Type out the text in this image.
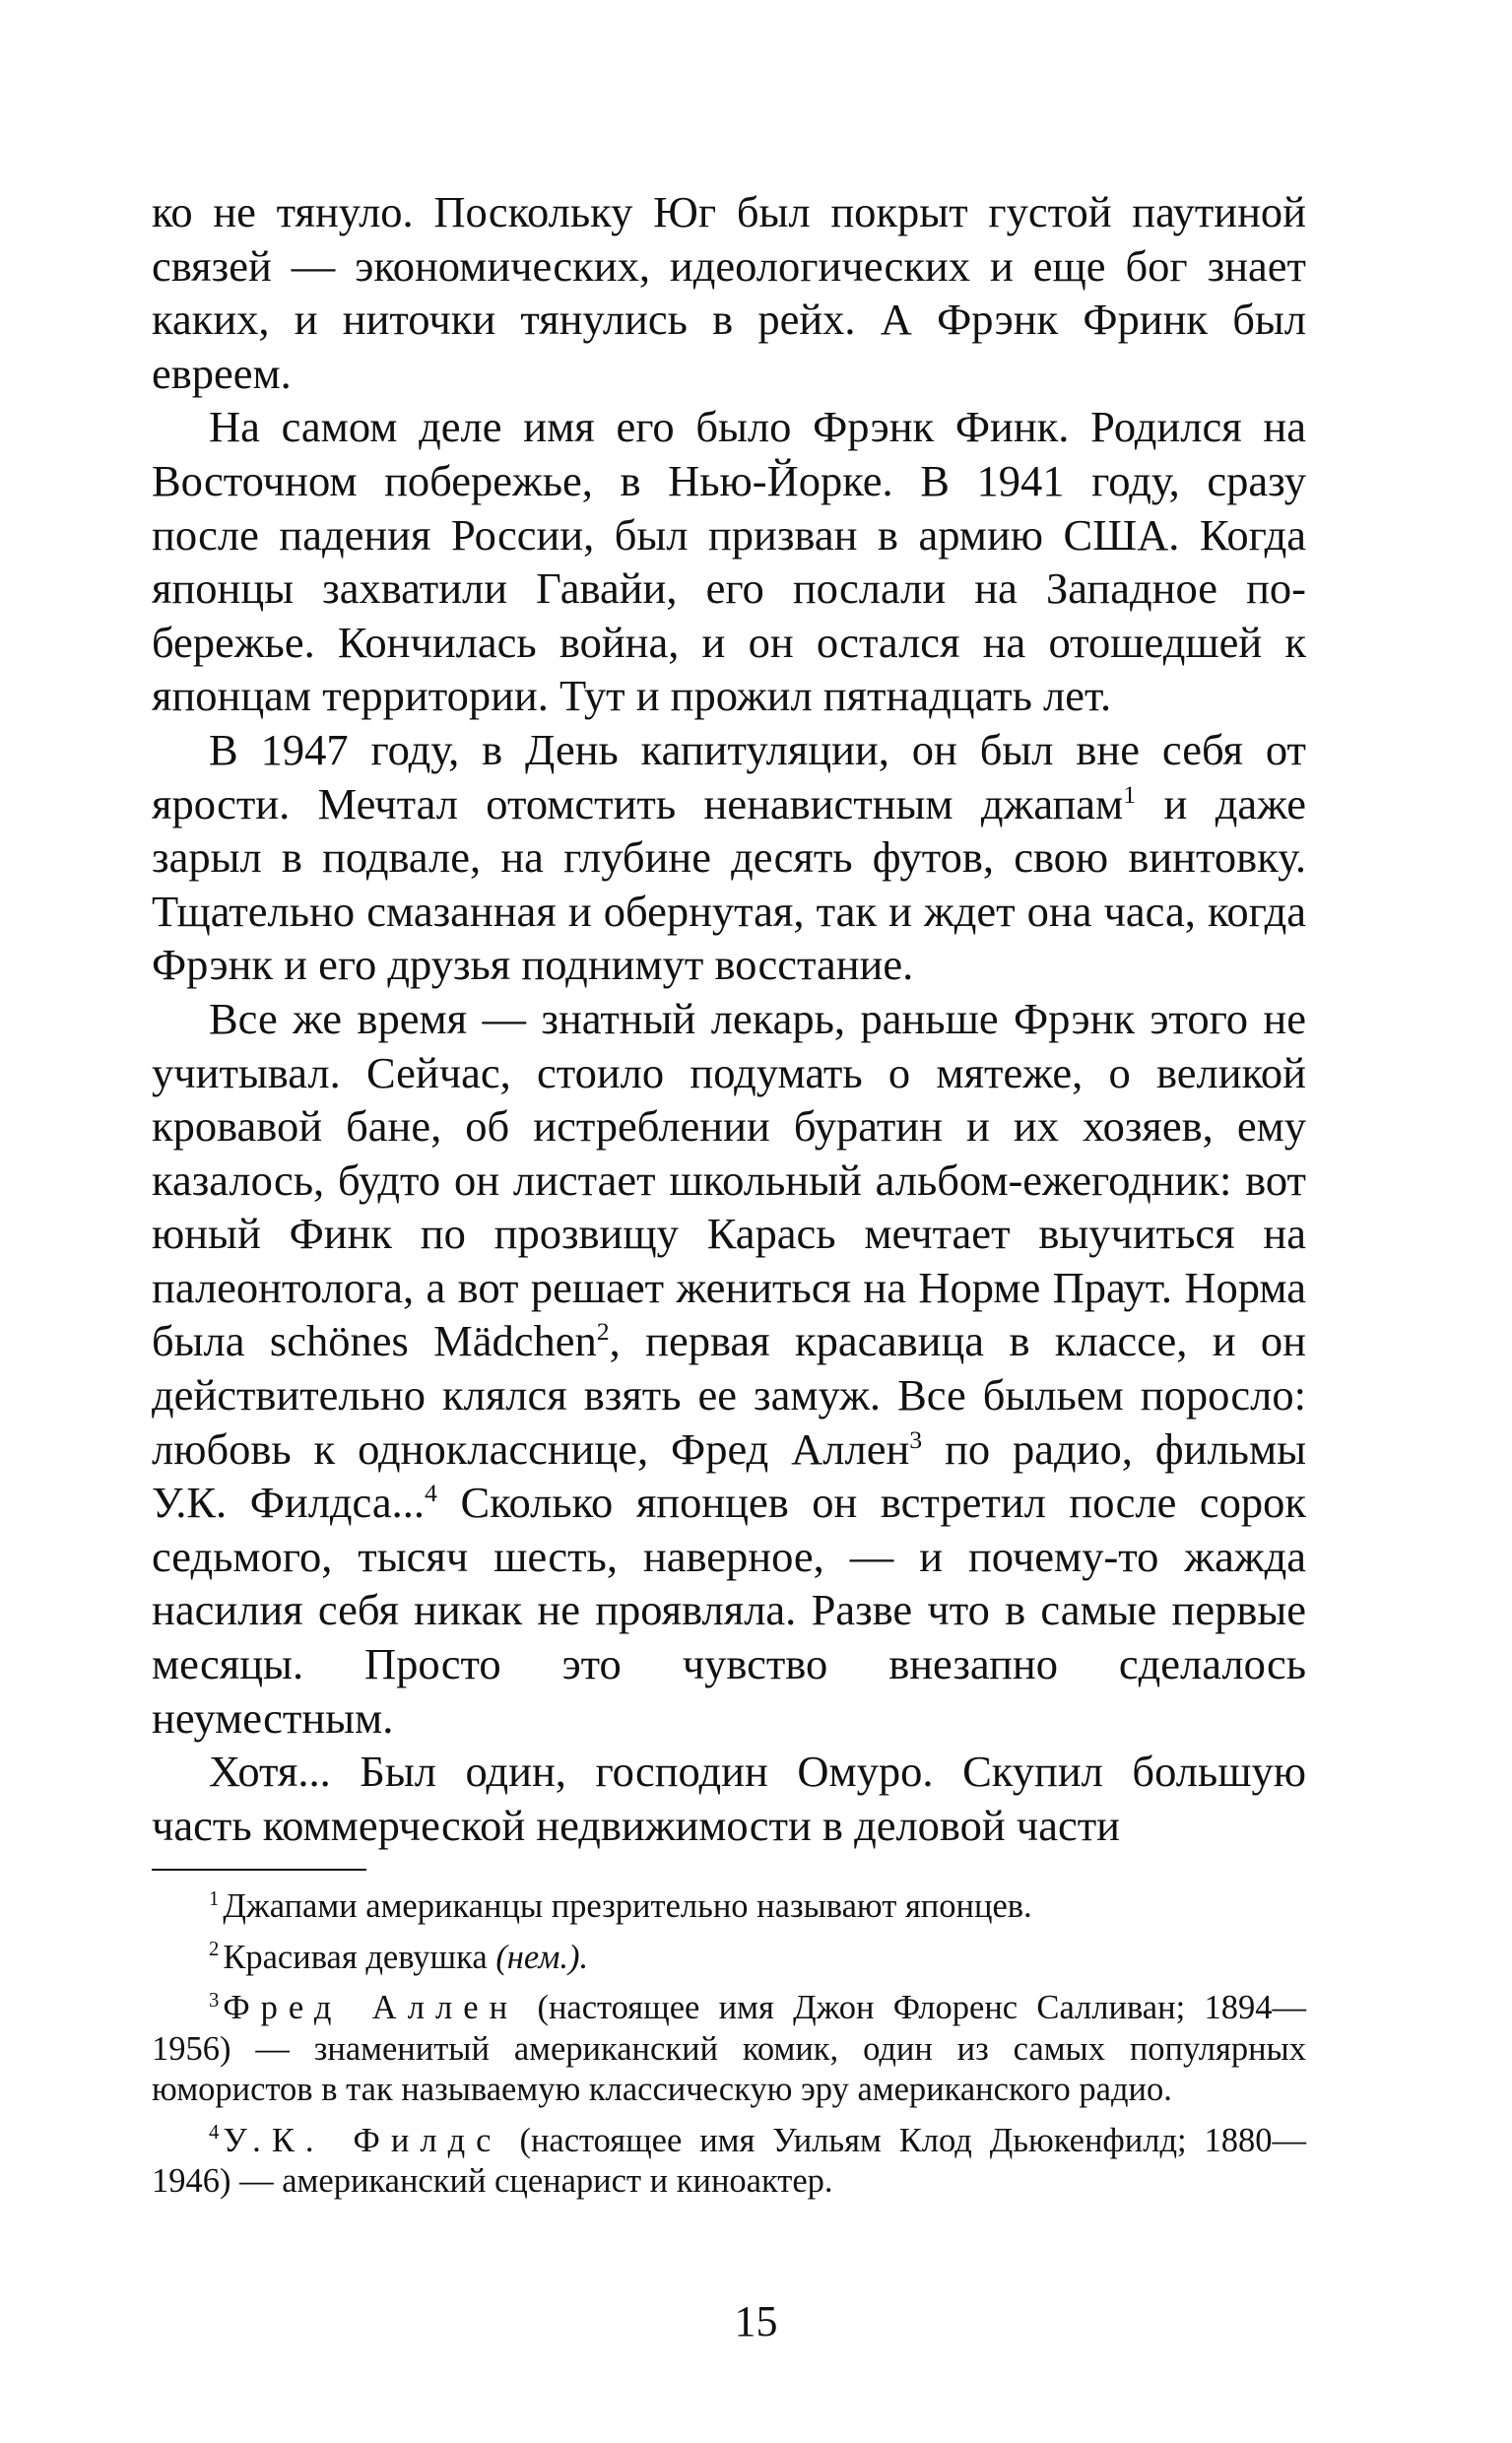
ко не тянуло. Поскольку Юг был покрыт густой паутиной связей — экономических, идеологических и еще бог знает каких, и ниточки тянулись в рейх. А Фрэнк Фринк был евреем.

На самом деле имя его было Фрэнк Финк. Родился на Восточном побережье, в Нью-Йорке. В 1941 году, сразу после падения России, был призван в армию США. Когда японцы захватили Гавайи, его послали на Западное побережье. Кончилась война, и он остался на отошедшей к японцам территории. Тут и прожил пятнадцать лет.

В 1947 году, в День капитуляции, он был вне себя от ярости. Мечтал отомстить ненавистным джапам$^1$ и даже зарыл в подвале, на глубине десять футов, свою винтовку. Тщательно смазанная и обернутая, так и ждет она часа, когда Фрэнк и его друзья поднимут восстание.

Все же время — знатный лекарь, раньше Фрэнк этого не учитывал. Сейчас, стоило подумать о мятеже, о великой кровавой бане, об истреблении буратин и их хозяев, ему казалось, будто он листает школьный альбом-ежегодник: вот юный Финк по прозвищу Карась мечтает выучиться на палеонтолога, а вот решает жениться на Норме Праут. Норма была schönes Mädchen$^2$, первая красавица в классе, и он действительно клялся взять ее замуж. Все быльем поросло: любовь к однокласснице, Фред Аллен$^3$ по радио, фильмы У.К. Филдса...$^4$ Сколько японцев он встретил после сорок седьмого, тысяч шесть, наверное, — и почему-то жажда насилия себя никак не проявляла. Разве что в самые первые месяцы. Просто это чувство внезапно сделалось неуместным.

Хотя... Был один, господин Омуро. Скупил большую часть коммерческой недвижимости в деловой части

$^1$ Джапами американцы презрительно называют японцев.

$^2$ Красивая девушка (нем.).

$^3$ Фред Аллен (настоящее имя Джон Флоренс Салливан; 1894—1956) — знаменитый американский комик, один из самых популярных юмористов в так называемую классическую эру американского радио.

$^4$ У.К. Филдс (настоящее имя Уильям Клод Дьюкенфилд; 1880—1946) — американский сценарист и киноактер.

15
